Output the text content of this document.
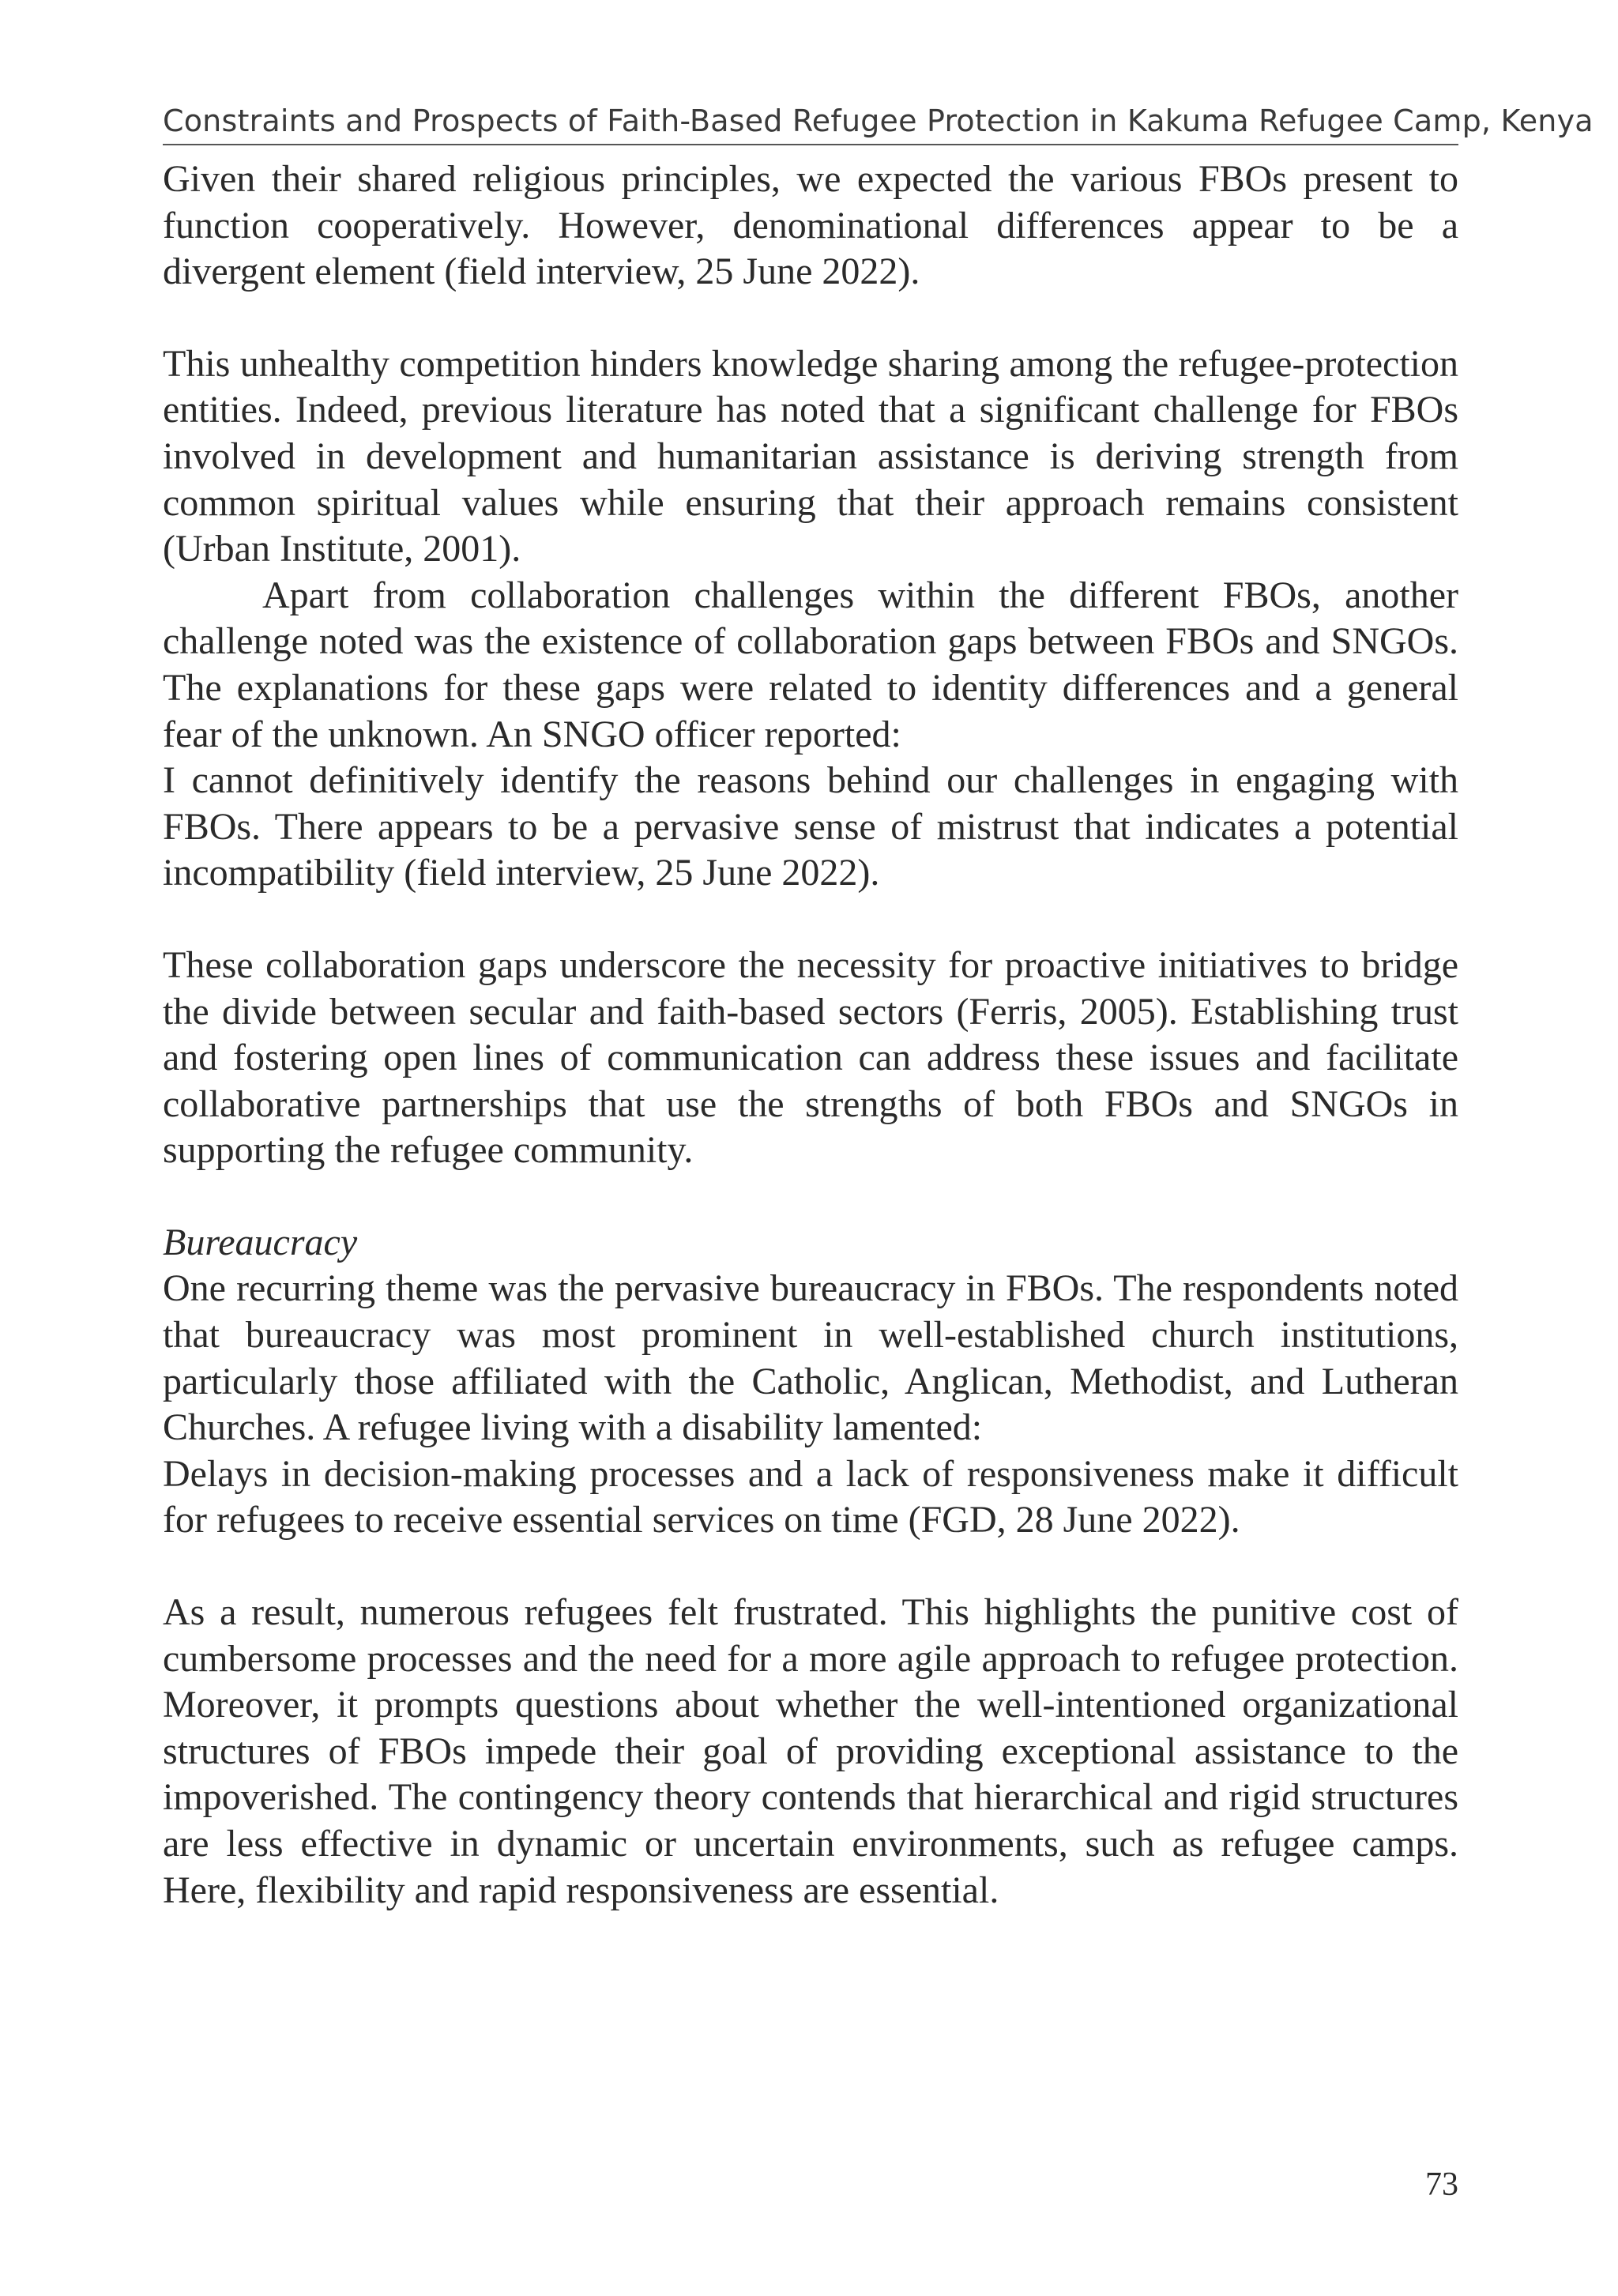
Constraints and Prospects of Faith-Based Refugee Protection in Kakuma Refugee Camp, Kenya

Given their shared religious principles, we expected the various FBOs present to function cooperatively. However, denominational differences appear to be a divergent element (field interview, 25 June 2022).

This unhealthy competition hinders knowledge sharing among the refugee-protection entities. Indeed, previous literature has noted that a significant challenge for FBOs involved in development and humanitarian assistance is deriving strength from common spiritual values while ensuring that their approach remains consistent (Urban Institute, 2001).

Apart from collaboration challenges within the different FBOs, another challenge noted was the existence of collaboration gaps between FBOs and SNGOs. The explanations for these gaps were related to identity differences and a general fear of the unknown. An SNGO officer reported:

I cannot definitively identify the reasons behind our challenges in engaging with FBOs. There appears to be a pervasive sense of mistrust that indicates a potential incompatibility (field interview, 25 June 2022).

These collaboration gaps underscore the necessity for proactive initiatives to bridge the divide between secular and faith-based sectors (Ferris, 2005). Establishing trust and fostering open lines of communication can address these issues and facilitate collaborative partnerships that use the strengths of both FBOs and SNGOs in supporting the refugee community.

Bureaucracy

One recurring theme was the pervasive bureaucracy in FBOs. The respondents noted that bureaucracy was most prominent in well-established church institutions, particularly those affiliated with the Catholic, Anglican, Methodist, and Lutheran Churches. A refugee living with a disability lamented:

Delays in decision-making processes and a lack of responsiveness make it difficult for refugees to receive essential services on time (FGD, 28 June 2022).

As a result, numerous refugees felt frustrated. This highlights the punitive cost of cumbersome processes and the need for a more agile approach to refugee protection. Moreover, it prompts questions about whether the well-intentioned organizational structures of FBOs impede their goal of providing exceptional assistance to the impoverished. The contingency theory contends that hierarchical and rigid structures are less effective in dynamic or uncertain environments, such as refugee camps. Here, flexibility and rapid responsiveness are essential.

73
